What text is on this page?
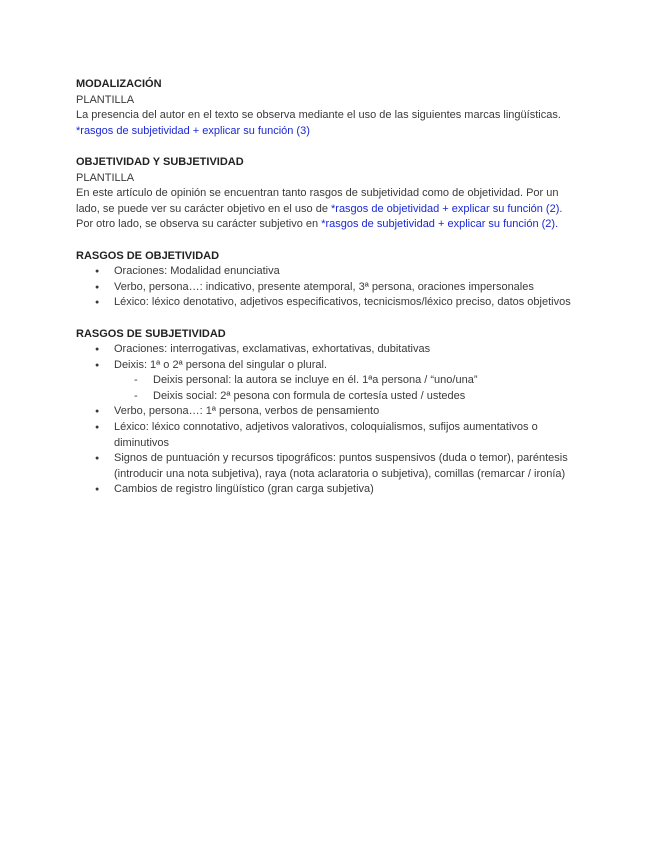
MODALIZACIÓN

PLANTILLA

La presencia del autor en el texto se observa mediante el uso de las siguientes marcas lingüísticas.

*rasgos de subjetividad + explicar su función (3)

OBJETIVIDAD Y SUBJETIVIDAD

PLANTILLA

En este artículo de opinión se encuentran tanto rasgos de subjetividad como de objetividad. Por un lado, se puede ver su carácter objetivo en el uso de *rasgos de objetividad + explicar su función (2).

Por otro lado, se observa su carácter subjetivo en *rasgos de subjetividad + explicar su función (2).

RASGOS DE OBJETIVIDAD

● Oraciones: Modalidad enunciativa
● Verbo, persona…: indicativo, presente atemporal, 3ª persona, oraciones impersonales
● Léxico: léxico denotativo, adjetivos especificativos, tecnicismos/léxico preciso, datos objetivos

RASGOS DE SUBJETIVIDAD

● Oraciones: interrogativas, exclamativas, exhortativas, dubitativas
● Deixis: 1ª o 2ª persona del singular o plural.
- Deixis personal: la autora se incluye en él. 1ªa persona / “uno/una”
- Deixis social: 2ª pesona con formula de cortesía usted / ustedes
● Verbo, persona…: 1ª persona, verbos de pensamiento
● Léxico: léxico connotativo, adjetivos valorativos, coloquialismos, sufijos aumentativos o diminutivos
● Signos de puntuación y recursos tipográficos: puntos suspensivos (duda o temor), paréntesis (introducir una nota subjetiva), raya (nota aclaratoria o subjetiva), comillas (remarcar / ironía)
● Cambios de registro lingüístico (gran carga subjetiva)
